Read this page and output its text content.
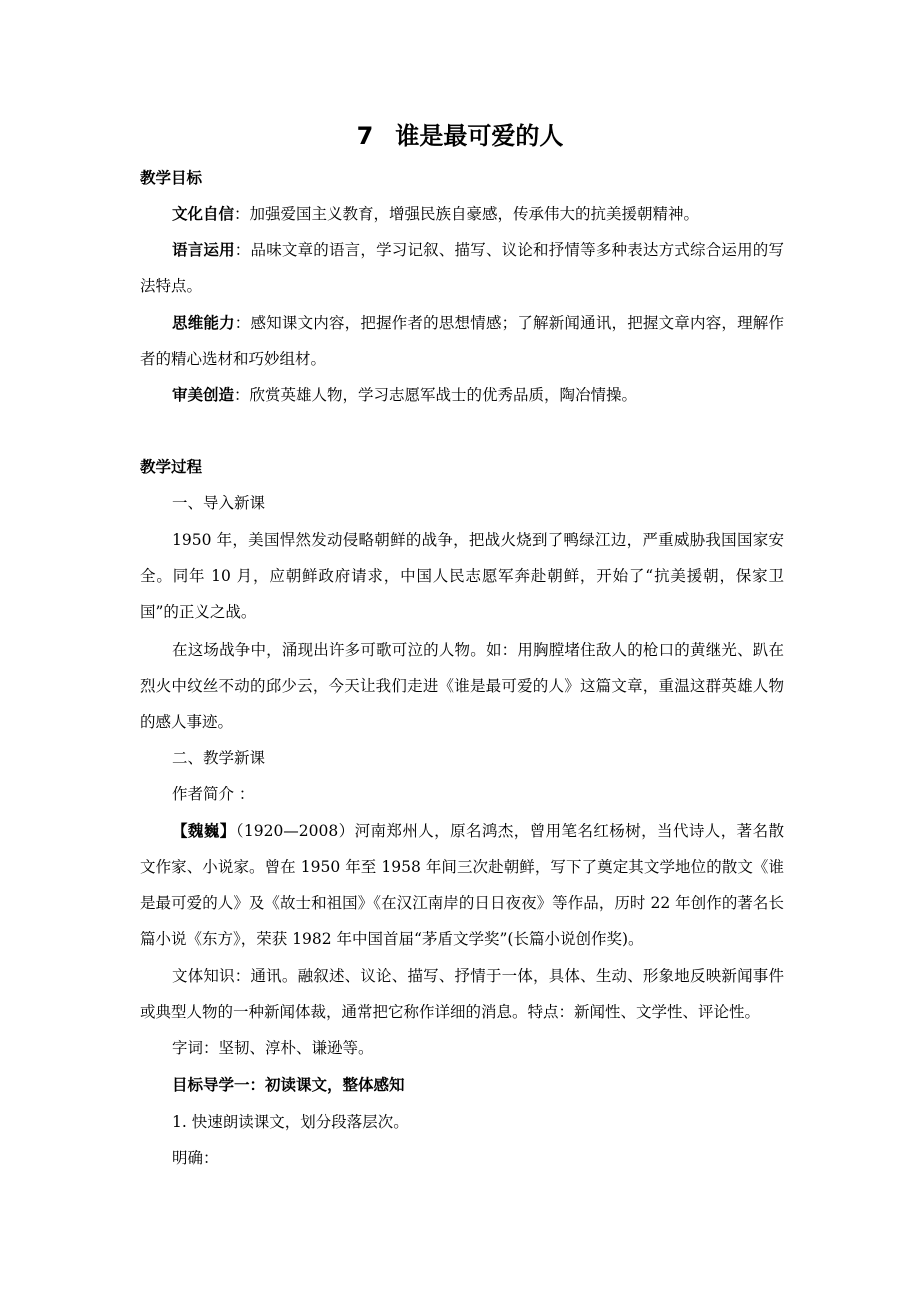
7 谁是最可爱的人
教学目标
文化自信：加强爱国主义教育，增强民族自豪感，传承伟大的抗美援朝精神。
语言运用：品味文章的语言，学习记叙、描写、议论和抒情等多种表达方式综合运用的写法特点。
思维能力：感知课文内容，把握作者的思想情感；了解新闻通讯，把握文章内容，理解作者的精心选材和巧妙组材。
审美创造：欣赏英雄人物，学习志愿军战士的优秀品质，陶冶情操。
教学过程
一、导入新课
1950 年，美国悍然发动侵略朝鲜的战争，把战火烧到了鸭绿江边，严重威胁我国国家安全。同年 10 月，应朝鲜政府请求，中国人民志愿军奔赴朝鲜，开始了“抗美援朝，保家卫国”的正义之战。
在这场战争中，涌现出许多可歌可泣的人物。如：用胸膛堵住敌人的枪口的黄继光、趴在烈火中纹丝不动的邱少云，今天让我们走进《谁是最可爱的人》这篇文章，重温这群英雄人物的感人事迹。
二、教学新课
作者简介 ：
【魏巍】（1920—2008）河南郑州人，原名鸿杰，曾用笔名红杨树，当代诗人，著名散文作家、小说家。曾在 1950 年至 1958 年间三次赴朝鲜，写下了奠定其文学地位的散文《谁是最可爱的人》及《故士和祖国》《在汉江南岸的日日夜夜》等作品，历时 22 年创作的著名长篇小说《东方》，荣获 1982 年中国首届“茅盾文学奖”(长篇小说创作奖)。
文体知识：通讯。融叙述、议论、描写、抒情于一体，具体、生动、形象地反映新闻事件或典型人物的一种新闻体裁，通常把它称作详细的消息。特点：新闻性、文学性、评论性。
字词：坚韧、淳朴、谦逊等。
目标导学一：初读课文，整体感知
1. 快速朗读课文，划分段落层次。
明确：
